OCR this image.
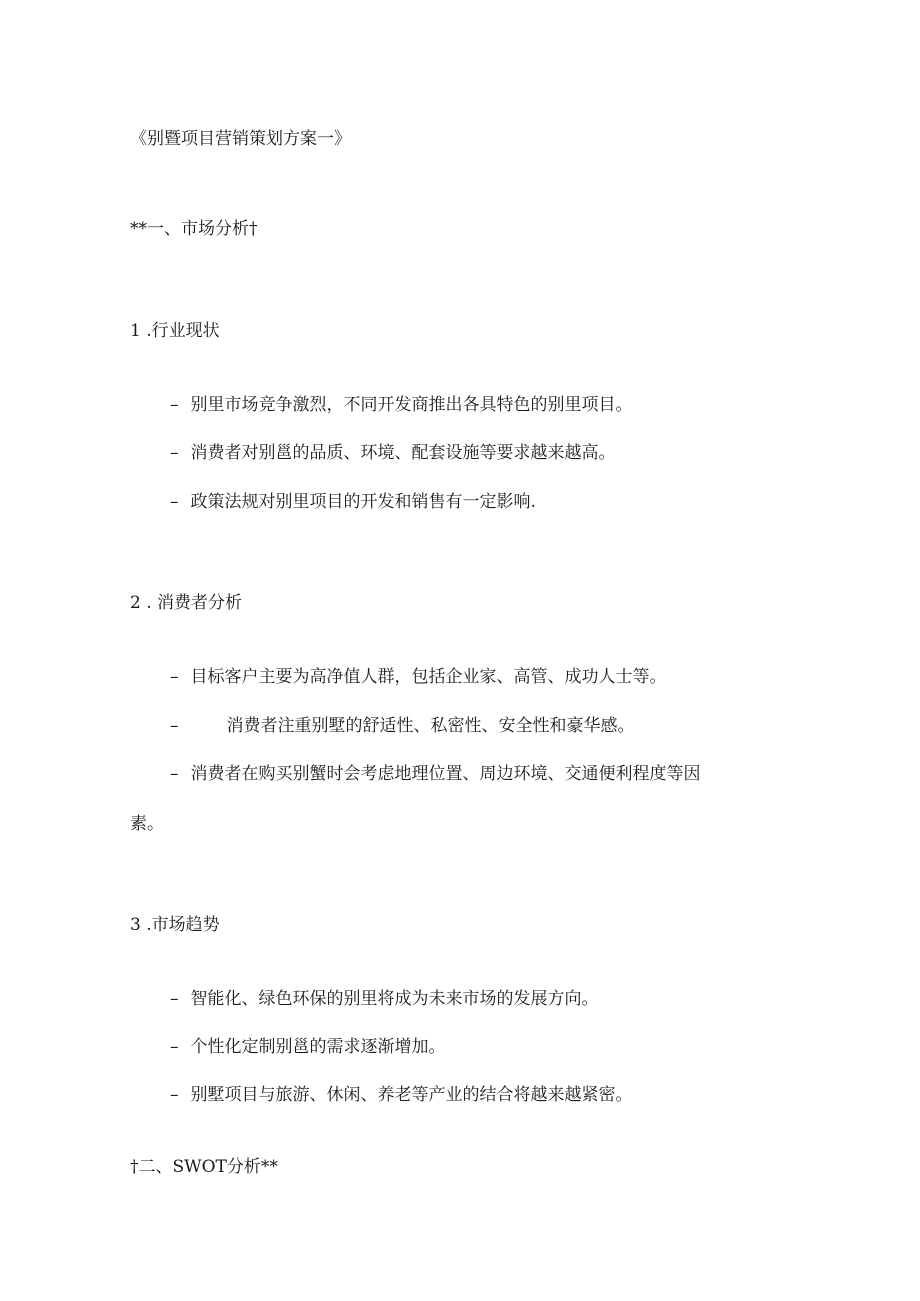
《别暨项目营销策划方案一》
**一、市场分析†
1 .行业现状
– 别里市场竞争激烈，不同开发商推出各具特色的别里项目。
– 消费者对别邕的品质、环境、配套设施等要求越来越高。
– 政策法规对别里项目的开发和销售有一定影响.
2 . 消费者分析
– 目标客户主要为高净值人群，包括企业家、高管、成功人士等。
–	消费者注重别墅的舒适性、私密性、安全性和豪华感。
– 消费者在购买别蟹时会考虑地理位置、周边环境、交通便利程度等因
素。
3 .市场趋势
– 智能化、绿色环保的别里将成为未来市场的发展方向。
– 个性化定制别邕的需求逐渐增加。
– 别墅项目与旅游、休闲、养老等产业的结合将越来越紧密。
†二、SWOT分析**
